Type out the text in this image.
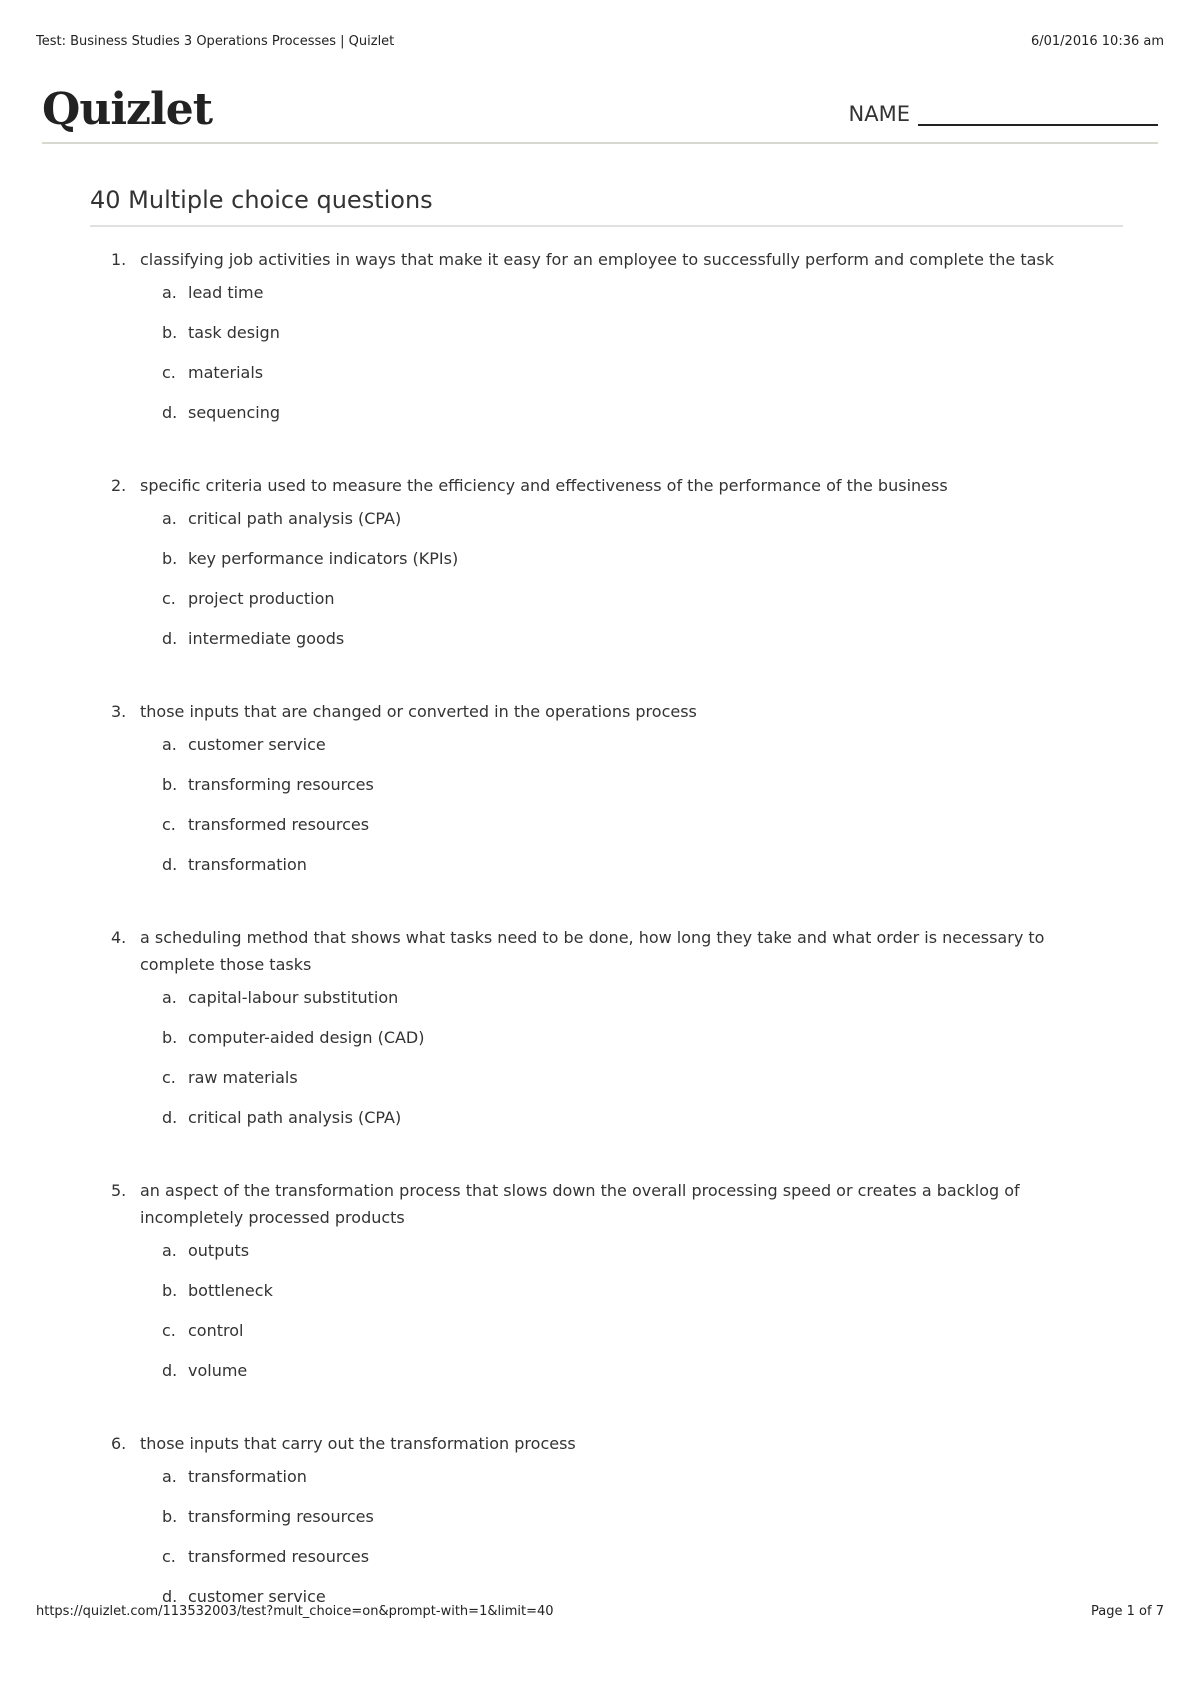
Test: Business Studies 3 Operations Processes | Quizlet	6/01/2016 10:36 am
Quizlet	NAME
40 Multiple choice questions
1. classifying job activities in ways that make it easy for an employee to successfully perform and complete the task
a. lead time
b. task design
c. materials
d. sequencing
2. specific criteria used to measure the efficiency and effectiveness of the performance of the business
a. critical path analysis (CPA)
b. key performance indicators (KPIs)
c. project production
d. intermediate goods
3. those inputs that are changed or converted in the operations process
a. customer service
b. transforming resources
c. transformed resources
d. transformation
4. a scheduling method that shows what tasks need to be done, how long they take and what order is necessary to complete those tasks
a. capital-labour substitution
b. computer-aided design (CAD)
c. raw materials
d. critical path analysis (CPA)
5. an aspect of the transformation process that slows down the overall processing speed or creates a backlog of incompletely processed products
a. outputs
b. bottleneck
c. control
d. volume
6. those inputs that carry out the transformation process
a. transformation
b. transforming resources
c. transformed resources
d. customer service
https://quizlet.com/113532003/test?mult_choice=on&prompt-with=1&limit=40	Page 1 of 7
